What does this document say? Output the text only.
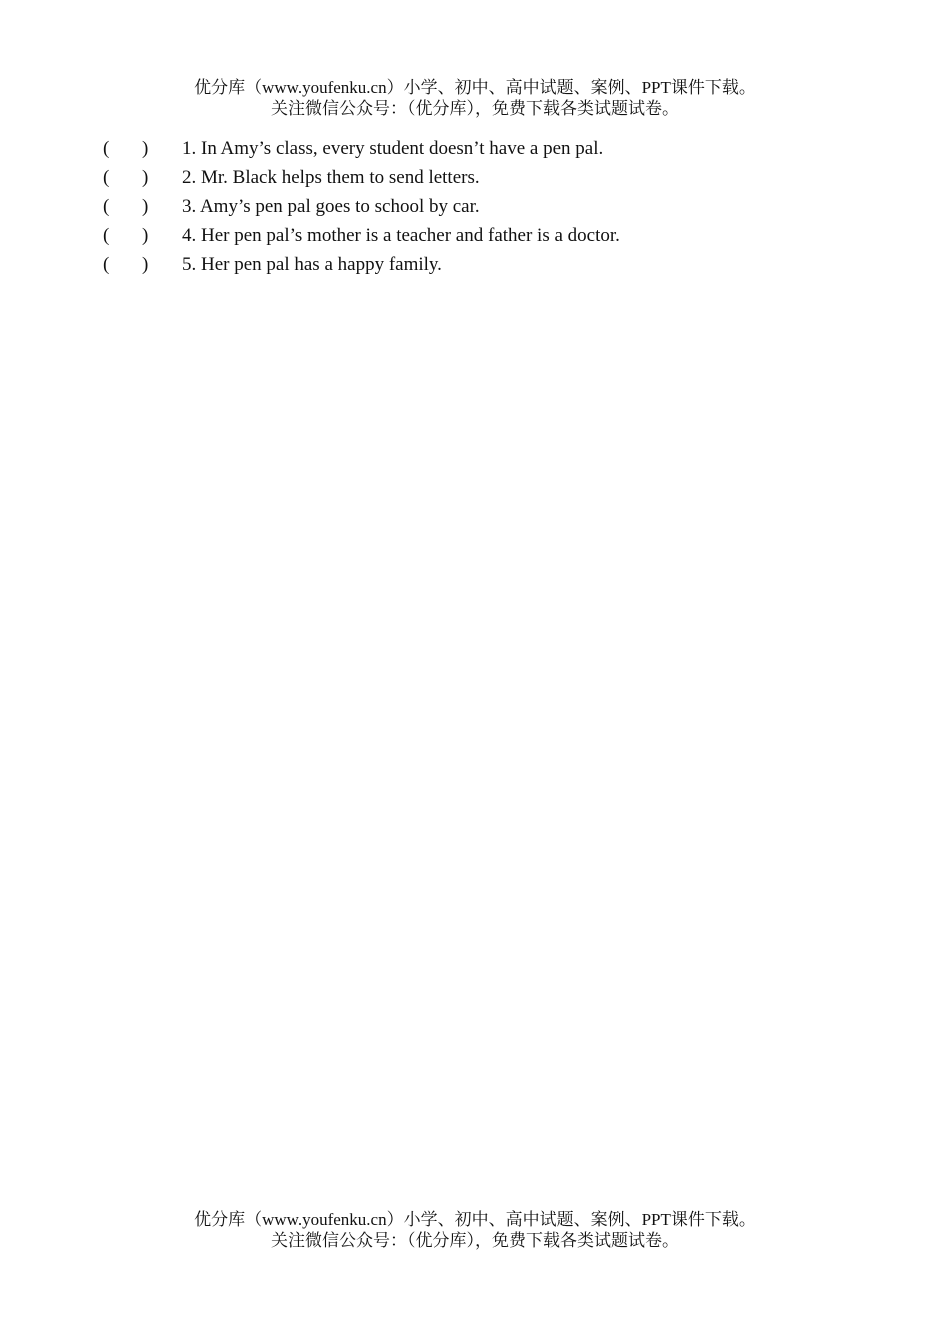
优分库（www.youfenku.cn）小学、初中、高中试题、案例、PPT课件下载。
关注微信公众号：（优分库），免费下载各类试题试卷。
( ) 1. In Amy’s class, every student doesn’t have a pen pal.
( ) 2. Mr. Black helps them to send letters.
( ) 3. Amy’s pen pal goes to school by car.
( ) 4. Her pen pal’s mother is a teacher and father is a doctor.
( ) 5. Her pen pal has a happy family.
优分库（www.youfenku.cn）小学、初中、高中试题、案例、PPT课件下载。
关注微信公众号：（优分库），免费下载各类试题试卷。
